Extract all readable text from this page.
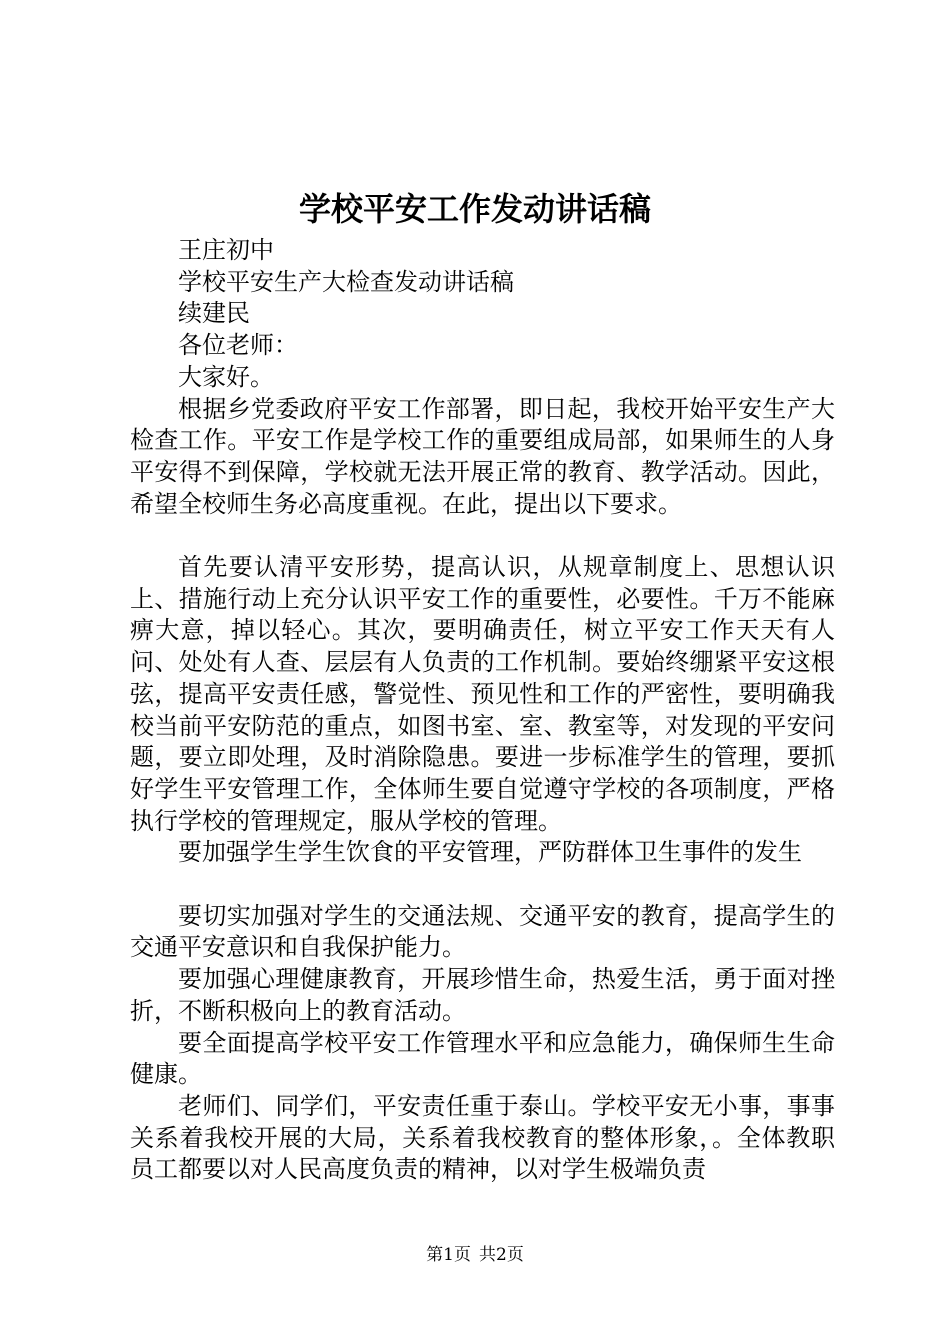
学校平安工作发动讲话稿

王庄初中

学校平安生产大检查发动讲话稿

续建民

各位老师：

大家好。

根据乡党委政府平安工作部署，即日起，我校开始平安生产大检查工作。平安工作是学校工作的重要组成局部，如果师生的人身平安得不到保障，学校就无法开展正常的教育、教学活动。因此，希望全校师生务必高度重视。在此，提出以下要求。

首先要认清平安形势，提高认识，从规章制度上、思想认识上、措施行动上充分认识平安工作的重要性，必要性。千万不能麻痹大意，掉以轻心。其次，要明确责任，树立平安工作天天有人问、处处有人查、层层有人负责的工作机制。要始终绷紧平安这根弦，提高平安责任感，警觉性、预见性和工作的严密性，要明确我校当前平安防范的重点，如图书室、室、教室等，对发现的平安问题，要立即处理，及时消除隐患。要进一步标准学生的管理，要抓好学生平安管理工作，全体师生要自觉遵守学校的各项制度，严格执行学校的管理规定，服从学校的管理。

要加强学生学生饮食的平安管理，严防群体卫生事件的发生

要切实加强对学生的交通法规、交通平安的教育，提高学生的交通平安意识和自我保护能力。

要加强心理健康教育，开展珍惜生命，热爱生活，勇于面对挫折，不断积极向上的教育活动。

要全面提高学校平安工作管理水平和应急能力，确保师生生命健康。

老师们、同学们，平安责任重于泰山。学校平安无小事，事事关系着我校开展的大局，关系着我校教育的整体形象，。全体教职员工都要以对人民高度负责的精神，以对学生极端负责

第1页 共2页
